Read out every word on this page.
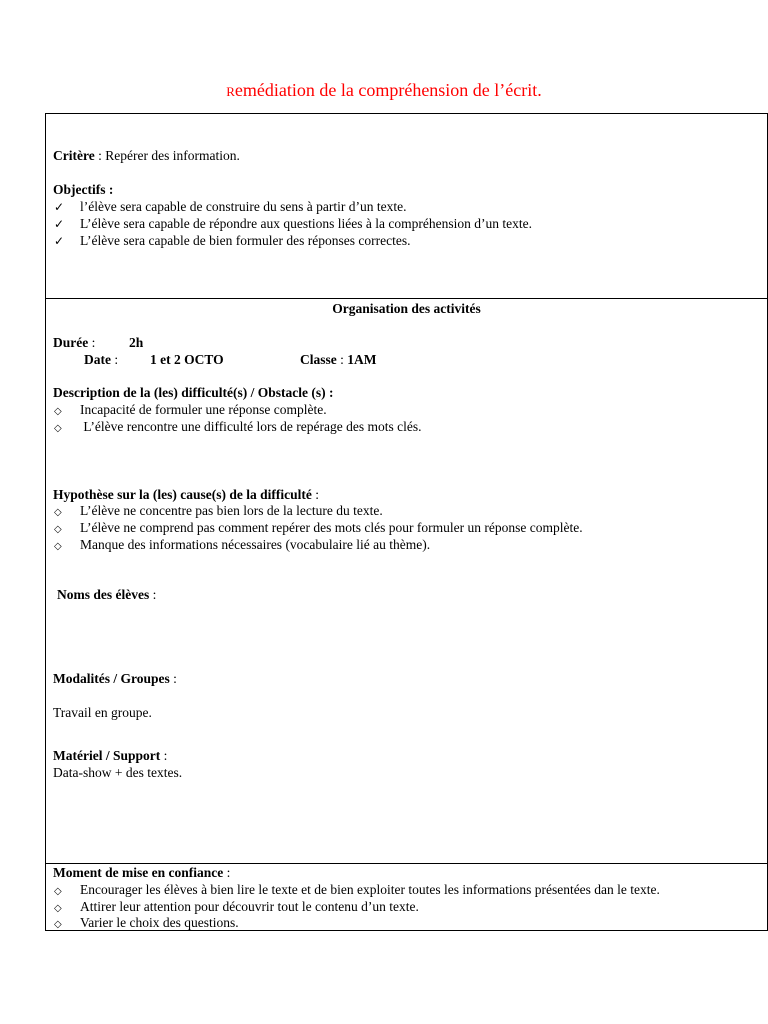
Remédiation de la compréhension de l’écrit.
Critère : Repérer des information.
Objectifs :
✓ l’élève sera capable de construire du sens à partir d’un texte.
✓ L’élève sera capable de répondre aux questions liées à la compréhension d’un texte.
✓ L’élève sera capable de bien formuler des réponses correctes.
Organisation des activités
Durée : 2h
Date : 1 et 2 OCTO	Classe : 1AM
Description de la (les) difficulté(s) / Obstacle (s) :
◇ Incapacité de formuler une réponse complète.
◇ L’élève rencontre une difficulté lors de repérage des mots clés.
Hypothèse sur la (les) cause(s) de la difficulté :
◇ L’élève ne concentre pas bien lors de la lecture du texte.
◇ L’élève ne comprend pas comment repérer des mots clés pour formuler un réponse complète.
◇ Manque des informations nécessaires (vocabulaire lié au thème).
Noms des élèves :
Modalités / Groupes :
Travail en groupe.
Matériel / Support :
Data-show + des textes.
Moment de mise en confiance :
◇ Encourager les élèves à bien lire le texte et de bien exploiter toutes les informations présentées dan le texte.
◇ Attirer leur attention pour découvrir tout le contenu d’un texte.
◇ Varier le choix des questions.
